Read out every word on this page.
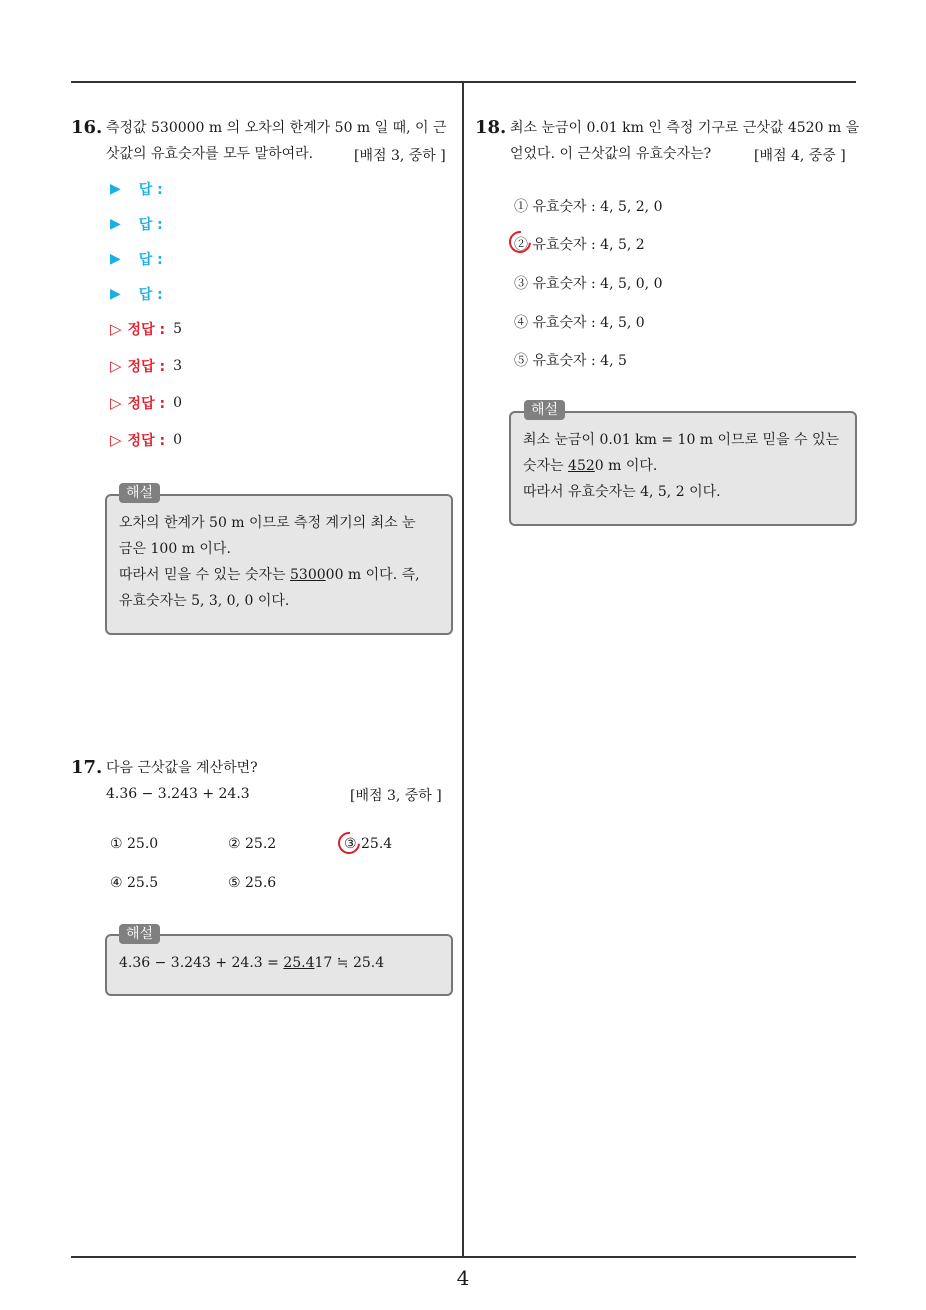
4
16. 측정값 530000 m 의 오차의 한계가 50 m 일 때, 이 근
삿값의 유효숫자를 모두 말하여라.	[배점 3, 중하 ]
▶ 답 :
▶ 답 :
▶ 답 :
▶ 답 :
▷ 정답 : 5
▷ 정답 : 3
▷ 정답 : 0
▷ 정답 : 0
오차의 한계가 50 m 이므로 측정 계기의 최소 눈
금은 100 m 이다.
따라서 믿을 수 있는 숫자는 530000 m 이다. 즉,
유효숫자는 5, 3, 0, 0 이다.
해설
17. 다음 근삿값을 계산하면?
4.36 − 3.243 + 24.3	[배점 3, 중하 ]
① 25.0	② 25.2	③ 25.4
④ 25.5	⑤ 25.6
4.36 − 3.243 + 24.3 = 25.417 ≒ 25.4
해설
18. 최소 눈금이 0.01 km 인 측정 기구로 근삿값 4520 m 을
얻었다. 이 근삿값의 유효숫자는?	[배점 4, 중중 ]
① 유효숫자 : 4, 5, 2, 0
② 유효숫자 : 4, 5, 2
③ 유효숫자 : 4, 5, 0, 0
④ 유효숫자 : 4, 5, 0
⑤ 유효숫자 : 4, 5
최소 눈금이 0.01 km = 10 m 이므로 믿을 수 있는
숫자는 4520 m 이다.
따라서 유효숫자는 4, 5, 2 이다.
해설
